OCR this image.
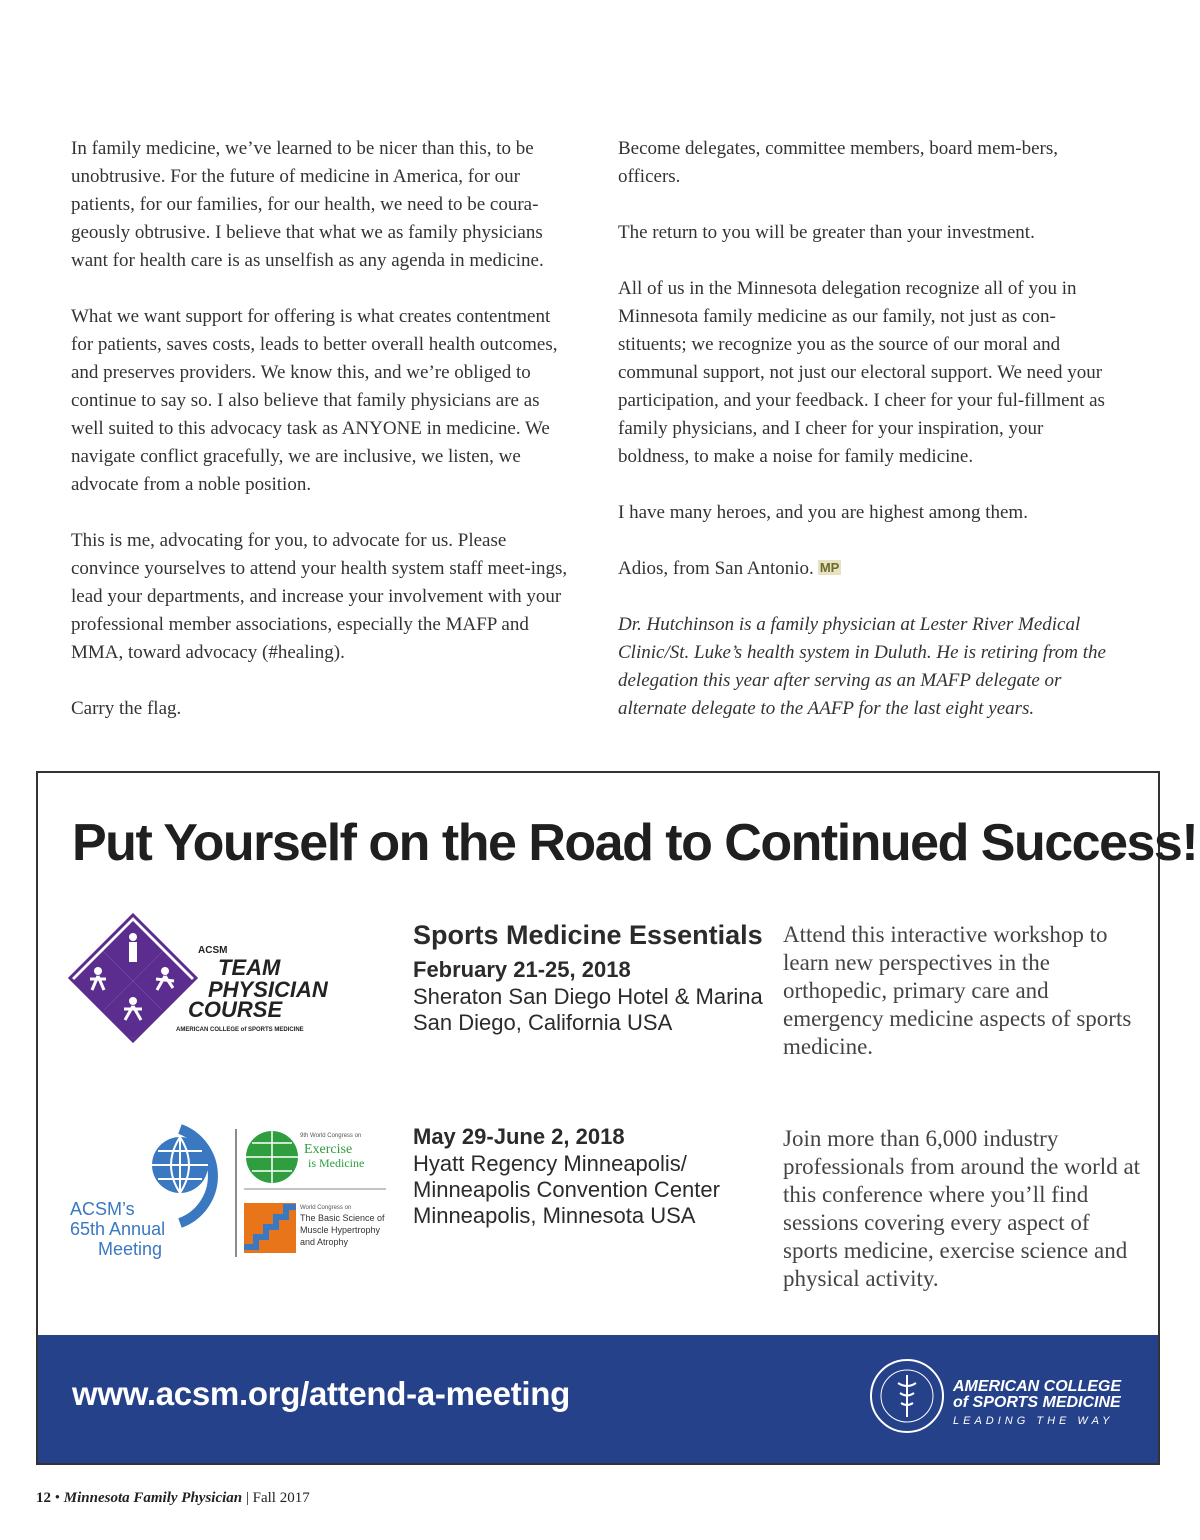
In family medicine, we’ve learned to be nicer than this, to be unobtrusive. For the future of medicine in America, for our patients, for our families, for our health, we need to be coura-geously obtrusive. I believe that what we as family physicians want for health care is as unselfish as any agenda in medicine.

What we want support for offering is what creates contentment for patients, saves costs, leads to better overall health outcomes, and preserves providers. We know this, and we’re obliged to continue to say so. I also believe that family physicians are as well suited to this advocacy task as ANYONE in medicine. We navigate conflict gracefully, we are inclusive, we listen, we advocate from a noble position.

This is me, advocating for you, to advocate for us. Please convince yourselves to attend your health system staff meet-ings, lead your departments, and increase your involvement with your professional member associations, especially the MAFP and MMA, toward advocacy (#healing).

Carry the flag.

Become delegates, committee members, board mem-bers, officers.

The return to you will be greater than your investment.

All of us in the Minnesota delegation recognize all of you in Minnesota family medicine as our family, not just as con-stituents; we recognize you as the source of our moral and communal support, not just our electoral support. We need your participation, and your feedback. I cheer for your ful-fillment as family physicians, and I cheer for your inspiration, your boldness, to make a noise for family medicine.

I have many heroes, and you are highest among them.

Adios, from San Antonio. MP

Dr. Hutchinson is a family physician at Lester River Medical Clinic/St. Luke’s health system in Duluth. He is retiring from the delegation this year after serving as an MAFP delegate or alternate delegate to the AAFP for the last eight years.

Put Yourself on the Road to Continued Success!
ACSM
TEAM
PHYSICIAN
COURSE
AMERICAN COLLEGE of SPORTS MEDICINE
Sports Medicine Essentials
February 21-25, 2018
Sheraton San Diego Hotel & Marina
San Diego, California USA
Attend this interactive workshop to learn new perspectives in the orthopedic, primary care and emergency medicine aspects of sports medicine.
ACSM’s
65th Annual
Meeting
9th World Congress on
Exercise
is Medicine
World Congress on
The Basic Science of
Muscle Hypertrophy
and Atrophy
May 29-June 2, 2018
Hyatt Regency Minneapolis/
Minneapolis Convention Center
Minneapolis, Minnesota USA
Join more than 6,000 industry professionals from around the world at this conference where you’ll find sessions covering every aspect of sports medicine, exercise science and physical activity.
www.acsm.org/attend-a-meeting	AMERICAN COLLEGE
of SPORTS MEDICINE
LEADING THE WAY
12 • Minnesota Family Physician | Fall 2017
